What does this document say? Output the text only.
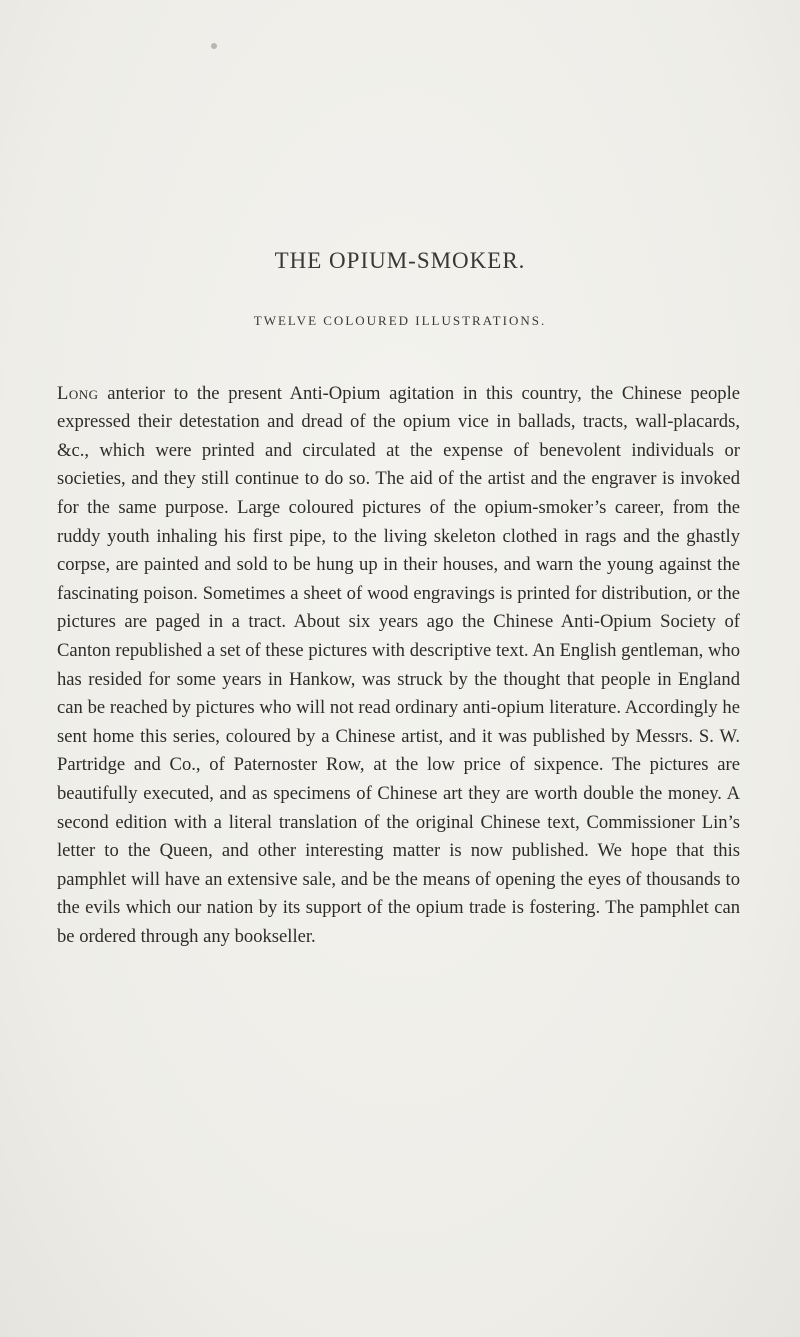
THE OPIUM-SMOKER.
TWELVE COLOURED ILLUSTRATIONS.

Long anterior to the present Anti-Opium agitation in this country, the Chinese people expressed their detestation and dread of the opium vice in ballads, tracts, wall-placards, &c., which were printed and circulated at the expense of benevolent individuals or societies, and they still continue to do so. The aid of the artist and the engraver is invoked for the same purpose. Large coloured pictures of the opium-smoker’s career, from the ruddy youth inhaling his first pipe, to the living skeleton clothed in rags and the ghastly corpse, are painted and sold to be hung up in their houses, and warn the young against the fascinating poison. Sometimes a sheet of wood engravings is printed for distribution, or the pictures are paged in a tract. About six years ago the Chinese Anti-Opium Society of Canton republished a set of these pictures with descriptive text. An English gentleman, who has resided for some years in Hankow, was struck by the thought that people in England can be reached by pictures who will not read ordinary anti-opium literature. Accordingly he sent home this series, coloured by a Chinese artist, and it was published by Messrs. S. W. Partridge and Co., of Paternoster Row, at the low price of sixpence. The pictures are beautifully executed, and as specimens of Chinese art they are worth double the money. A second edition with a literal translation of the original Chinese text, Commissioner Lin’s letter to the Queen, and other interesting matter is now published. We hope that this pamphlet will have an extensive sale, and be the means of opening the eyes of thousands to the evils which our nation by its support of the opium trade is fostering. The pamphlet can be ordered through any bookseller.
